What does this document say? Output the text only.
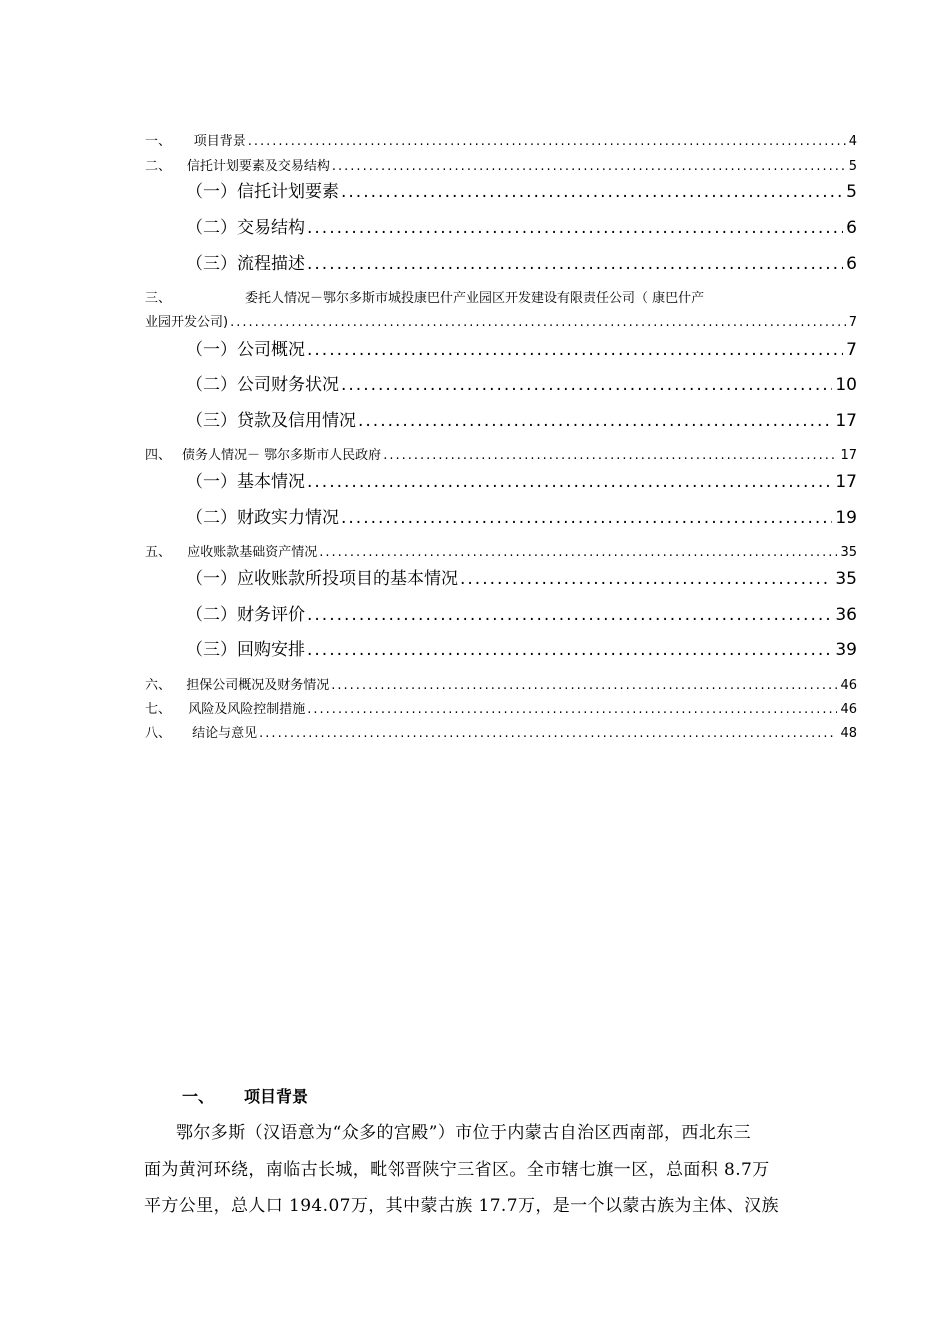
一、	项目背景 .....	4
二、	信托计划要素及交易结构 .....	5
（一）信托计划要素 .....	5
（二）交易结构 .....	6
（三）流程描述 .....	6
三、	委托人情况－鄂尔多斯市城投康巴什产业园区开发建设有限责任公司（ 康巴什产
业园开发公司) .....	7
（一）公司概况 .....	7
（二）公司财务状况 .....	10
（三）贷款及信用情况 .....	17
四、 债务人情况－ 鄂尔多斯市人民政府 .....	17
（一）基本情况 .....	17
（二）财政实力情况 .....	19
五、	应收账款基础资产情况 .....	35
（一）应收账款所投项目的基本情况 .....	35
（二）财务评价 .....	36
（三）回购安排 .....	39
六、	担保公司概况及财务情况 .....	46
七、	风险及风险控制措施 .....	46
八、	结论与意见 .....	48
一、 项目背景
鄂尔多斯（汉语意为“众多的宫殿”）市位于内蒙古自治区西南部，西北东三
面为黄河环绕，南临古长城，毗邻晋陕宁三省区。全市辖七旗一区，总面积 8.7万
平方公里，总人口 194.07万，其中蒙古族 17.7万，是一个以蒙古族为主体、汉族
